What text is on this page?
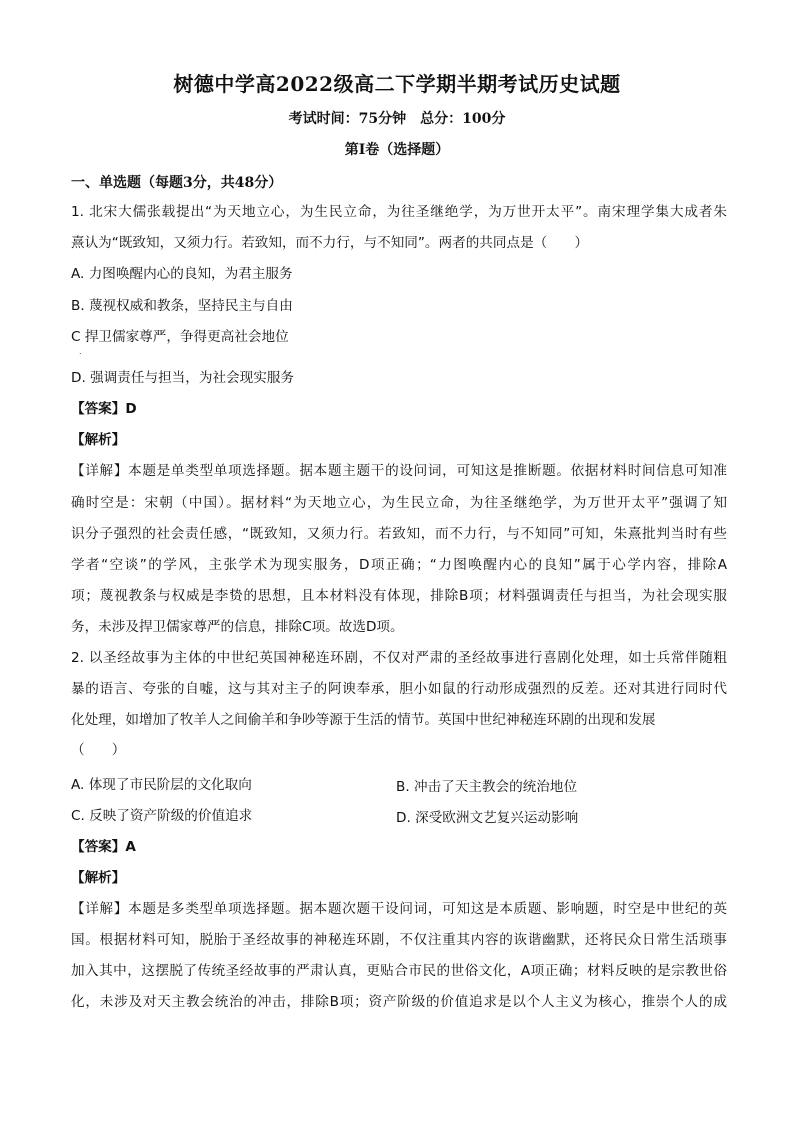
树德中学高2022级高二下学期半期考试历史试题
考试时间：75分钟　总分：100分
第Ⅰ卷（选择题）
一、单选题（每题3分，共48分）
1. 北宋大儒张载提出“为天地立心，为生民立命，为往圣继绝学，为万世开太平”。南宋理学集大成者朱
熹认为“既致知，又须力行。若致知，而不力行，与不知同”。两者的共同点是（　　）
A. 力图唤醒内心的良知，为君主服务
B. 蔑视权威和教条，坚持民主与自由
C 捍卫儒家尊严，争得更高社会地位
.
D. 强调责任与担当，为社会现实服务
【答案】D
【解析】
【详解】本题是单类型单项选择题。据本题主题干的设问词，可知这是推断题。依据材料时间信息可知准
确时空是：宋朝（中国）。据材料“为天地立心，为生民立命，为往圣继绝学，为万世开太平”强调了知
识分子强烈的社会责任感，“既致知，又须力行。若致知，而不力行，与不知同”可知，朱熹批判当时有些
学者“空谈”的学风，主张学术为现实服务，D项正确；“力图唤醒内心的良知”属于心学内容，排除A
项；蔑视教条与权威是李贽的思想，且本材料没有体现，排除B项；材料强调责任与担当，为社会现实服
务，未涉及捍卫儒家尊严的信息，排除C项。故选D项。
2. 以圣经故事为主体的中世纪英国神秘连环剧，不仅对严肃的圣经故事进行喜剧化处理，如士兵常伴随粗
暴的语言、夸张的自嘘，这与其对主子的阿谀奉承，胆小如鼠的行动形成强烈的反差。还对其进行同时代
化处理，如增加了牧羊人之间偷羊和争吵等源于生活的情节。英国中世纪神秘连环剧的出现和发展
（　　）
A. 体现了市民阶层的文化取向	B. 冲击了天主教会的统治地位
C. 反映了资产阶级的价值追求	D. 深受欧洲文艺复兴运动影响
【答案】A
【解析】
【详解】本题是多类型单项选择题。据本题次题干设问词，可知这是本质题、影响题，时空是中世纪的英
国。根据材料可知，脱胎于圣经故事的神秘连环剧，不仅注重其内容的诙谐幽默，还将民众日常生活琐事
加入其中，这摆脱了传统圣经故事的严肃认真，更贴合市民的世俗文化，A项正确；材料反映的是宗教世俗
化，未涉及对天主教会统治的冲击，排除B项；资产阶级的价值追求是以个人主义为核心，推崇个人的成
